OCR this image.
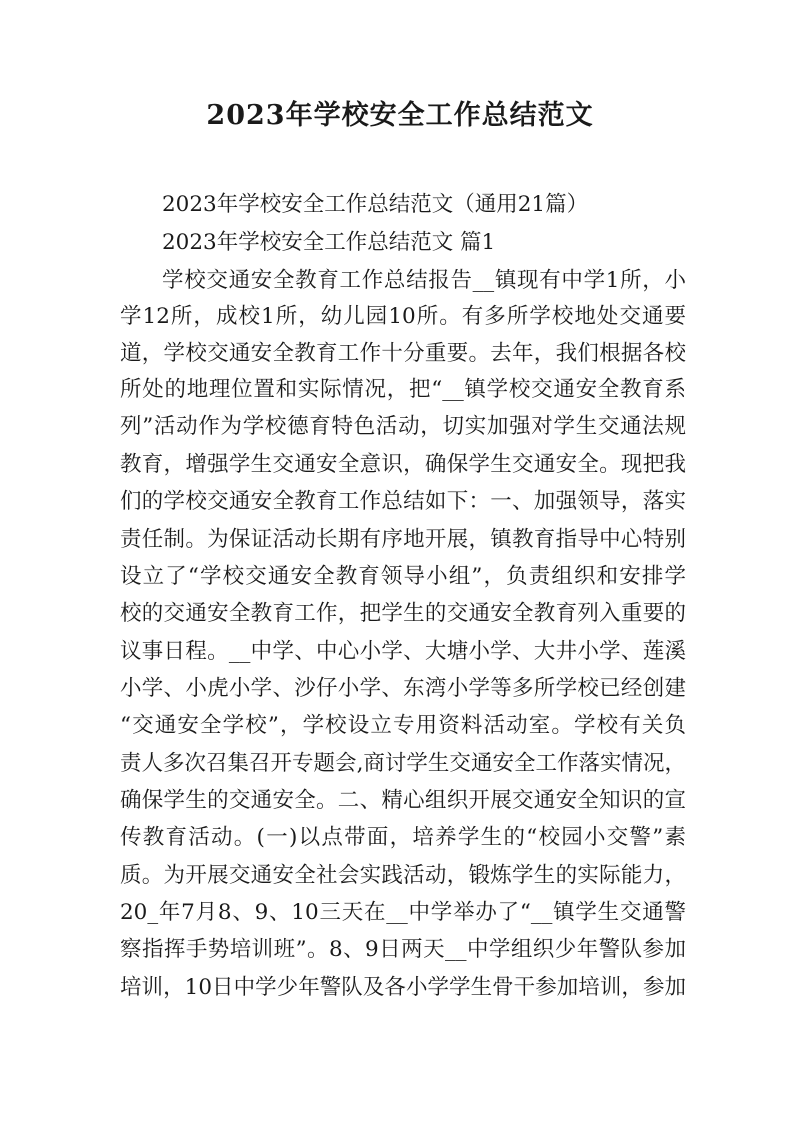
2023年学校安全工作总结范文

2023年学校安全工作总结范文（通用21篇）

2023年学校安全工作总结范文 篇1

学校交通安全教育工作总结报告__镇现有中学1所，小

学12所，成校1所，幼儿园10所。有多所学校地处交通要

道，学校交通安全教育工作十分重要。去年，我们根据各校

所处的地理位置和实际情况，把“__镇学校交通安全教育系

列”活动作为学校德育特色活动，切实加强对学生交通法规

教育，增强学生交通安全意识，确保学生交通安全。现把我

们的学校交通安全教育工作总结如下：一、加强领导，落实

责任制。为保证活动长期有序地开展，镇教育指导中心特别

设立了“学校交通安全教育领导小组”，负责组织和安排学

校的交通安全教育工作，把学生的交通安全教育列入重要的

议事日程。__中学、中心小学、大塘小学、大井小学、莲溪

小学、小虎小学、沙仔小学、东湾小学等多所学校已经创建

“交通安全学校”，学校设立专用资料活动室。学校有关负

责人多次召集召开专题会,商讨学生交通安全工作落实情况，

确保学生的交通安全。二、精心组织开展交通安全知识的宣

传教育活动。(一)以点带面，培养学生的“校园小交警”素

质。为开展交通安全社会实践活动，锻炼学生的实际能力，

20_年7月8、9、10三天在__中学举办了“__镇学生交通警

察指挥手势培训班”。8、9日两天__中学组织少年警队参加

培训，10日中学少年警队及各小学学生骨干参加培训，参加
